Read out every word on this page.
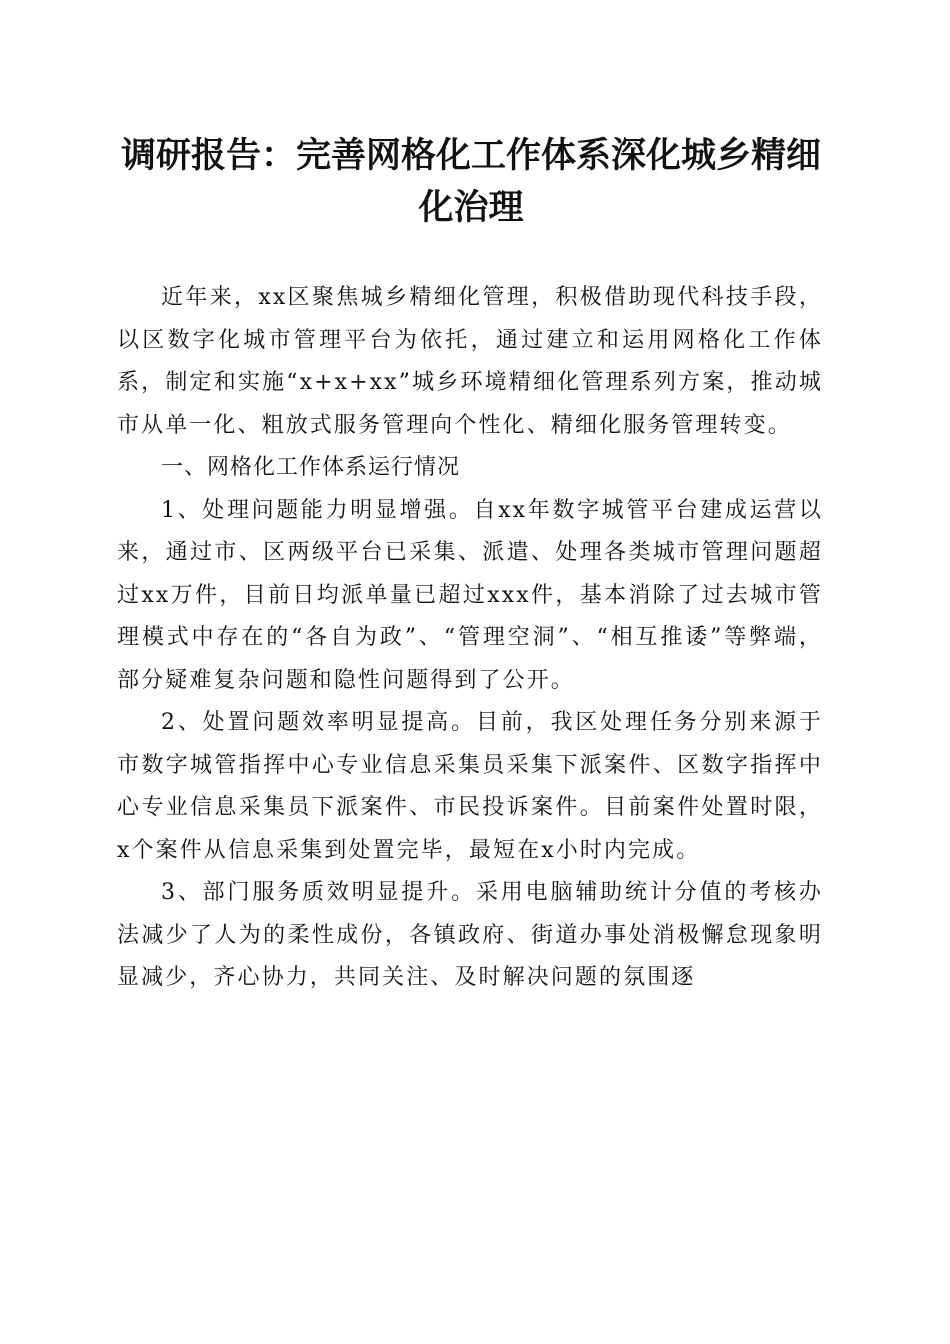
调研报告：完善网格化工作体系深化城乡精细化治理

近年来，xx区聚焦城乡精细化管理，积极借助现代科技手段，以区数字化城市管理平台为依托，通过建立和运用网格化工作体系，制定和实施“x+x+xx”城乡环境精细化管理系列方案，推动城市从单一化、粗放式服务管理向个性化、精细化服务管理转变。

一、网格化工作体系运行情况

1、处理问题能力明显增强。自xx年数字城管平台建成运营以来，通过市、区两级平台已采集、派遣、处理各类城市管理问题超过xx万件，目前日均派单量已超过xxx件，基本消除了过去城市管理模式中存在的“各自为政”、“管理空洞”、“相互推诿”等弊端，部分疑难复杂问题和隐性问题得到了公开。

2、处置问题效率明显提高。目前，我区处理任务分别来源于市数字城管指挥中心专业信息采集员采集下派案件、区数字指挥中心专业信息采集员下派案件、市民投诉案件。目前案件处置时限，x个案件从信息采集到处置完毕，最短在x小时内完成。

3、部门服务质效明显提升。采用电脑辅助统计分值的考核办法减少了人为的柔性成份，各镇政府、街道办事处消极懈怠现象明显减少，齐心协力，共同关注、及时解决问题的氛围逐
